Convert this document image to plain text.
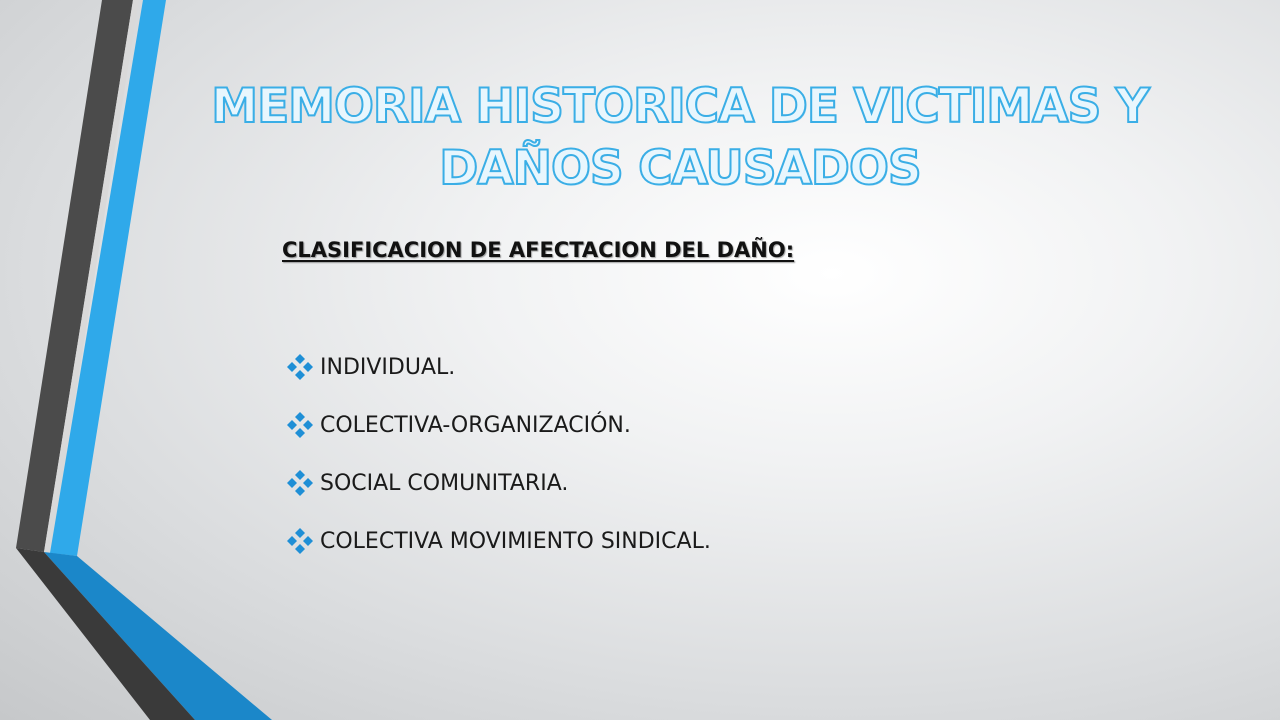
MEMORIA HISTORICA DE VICTIMAS Y DAÑOS CAUSADOS
CLASIFICACION DE AFECTACION DEL DAÑO:
INDIVIDUAL.
COLECTIVA-ORGANIZACIÓN.
SOCIAL COMUNITARIA.
COLECTIVA MOVIMIENTO SINDICAL.
